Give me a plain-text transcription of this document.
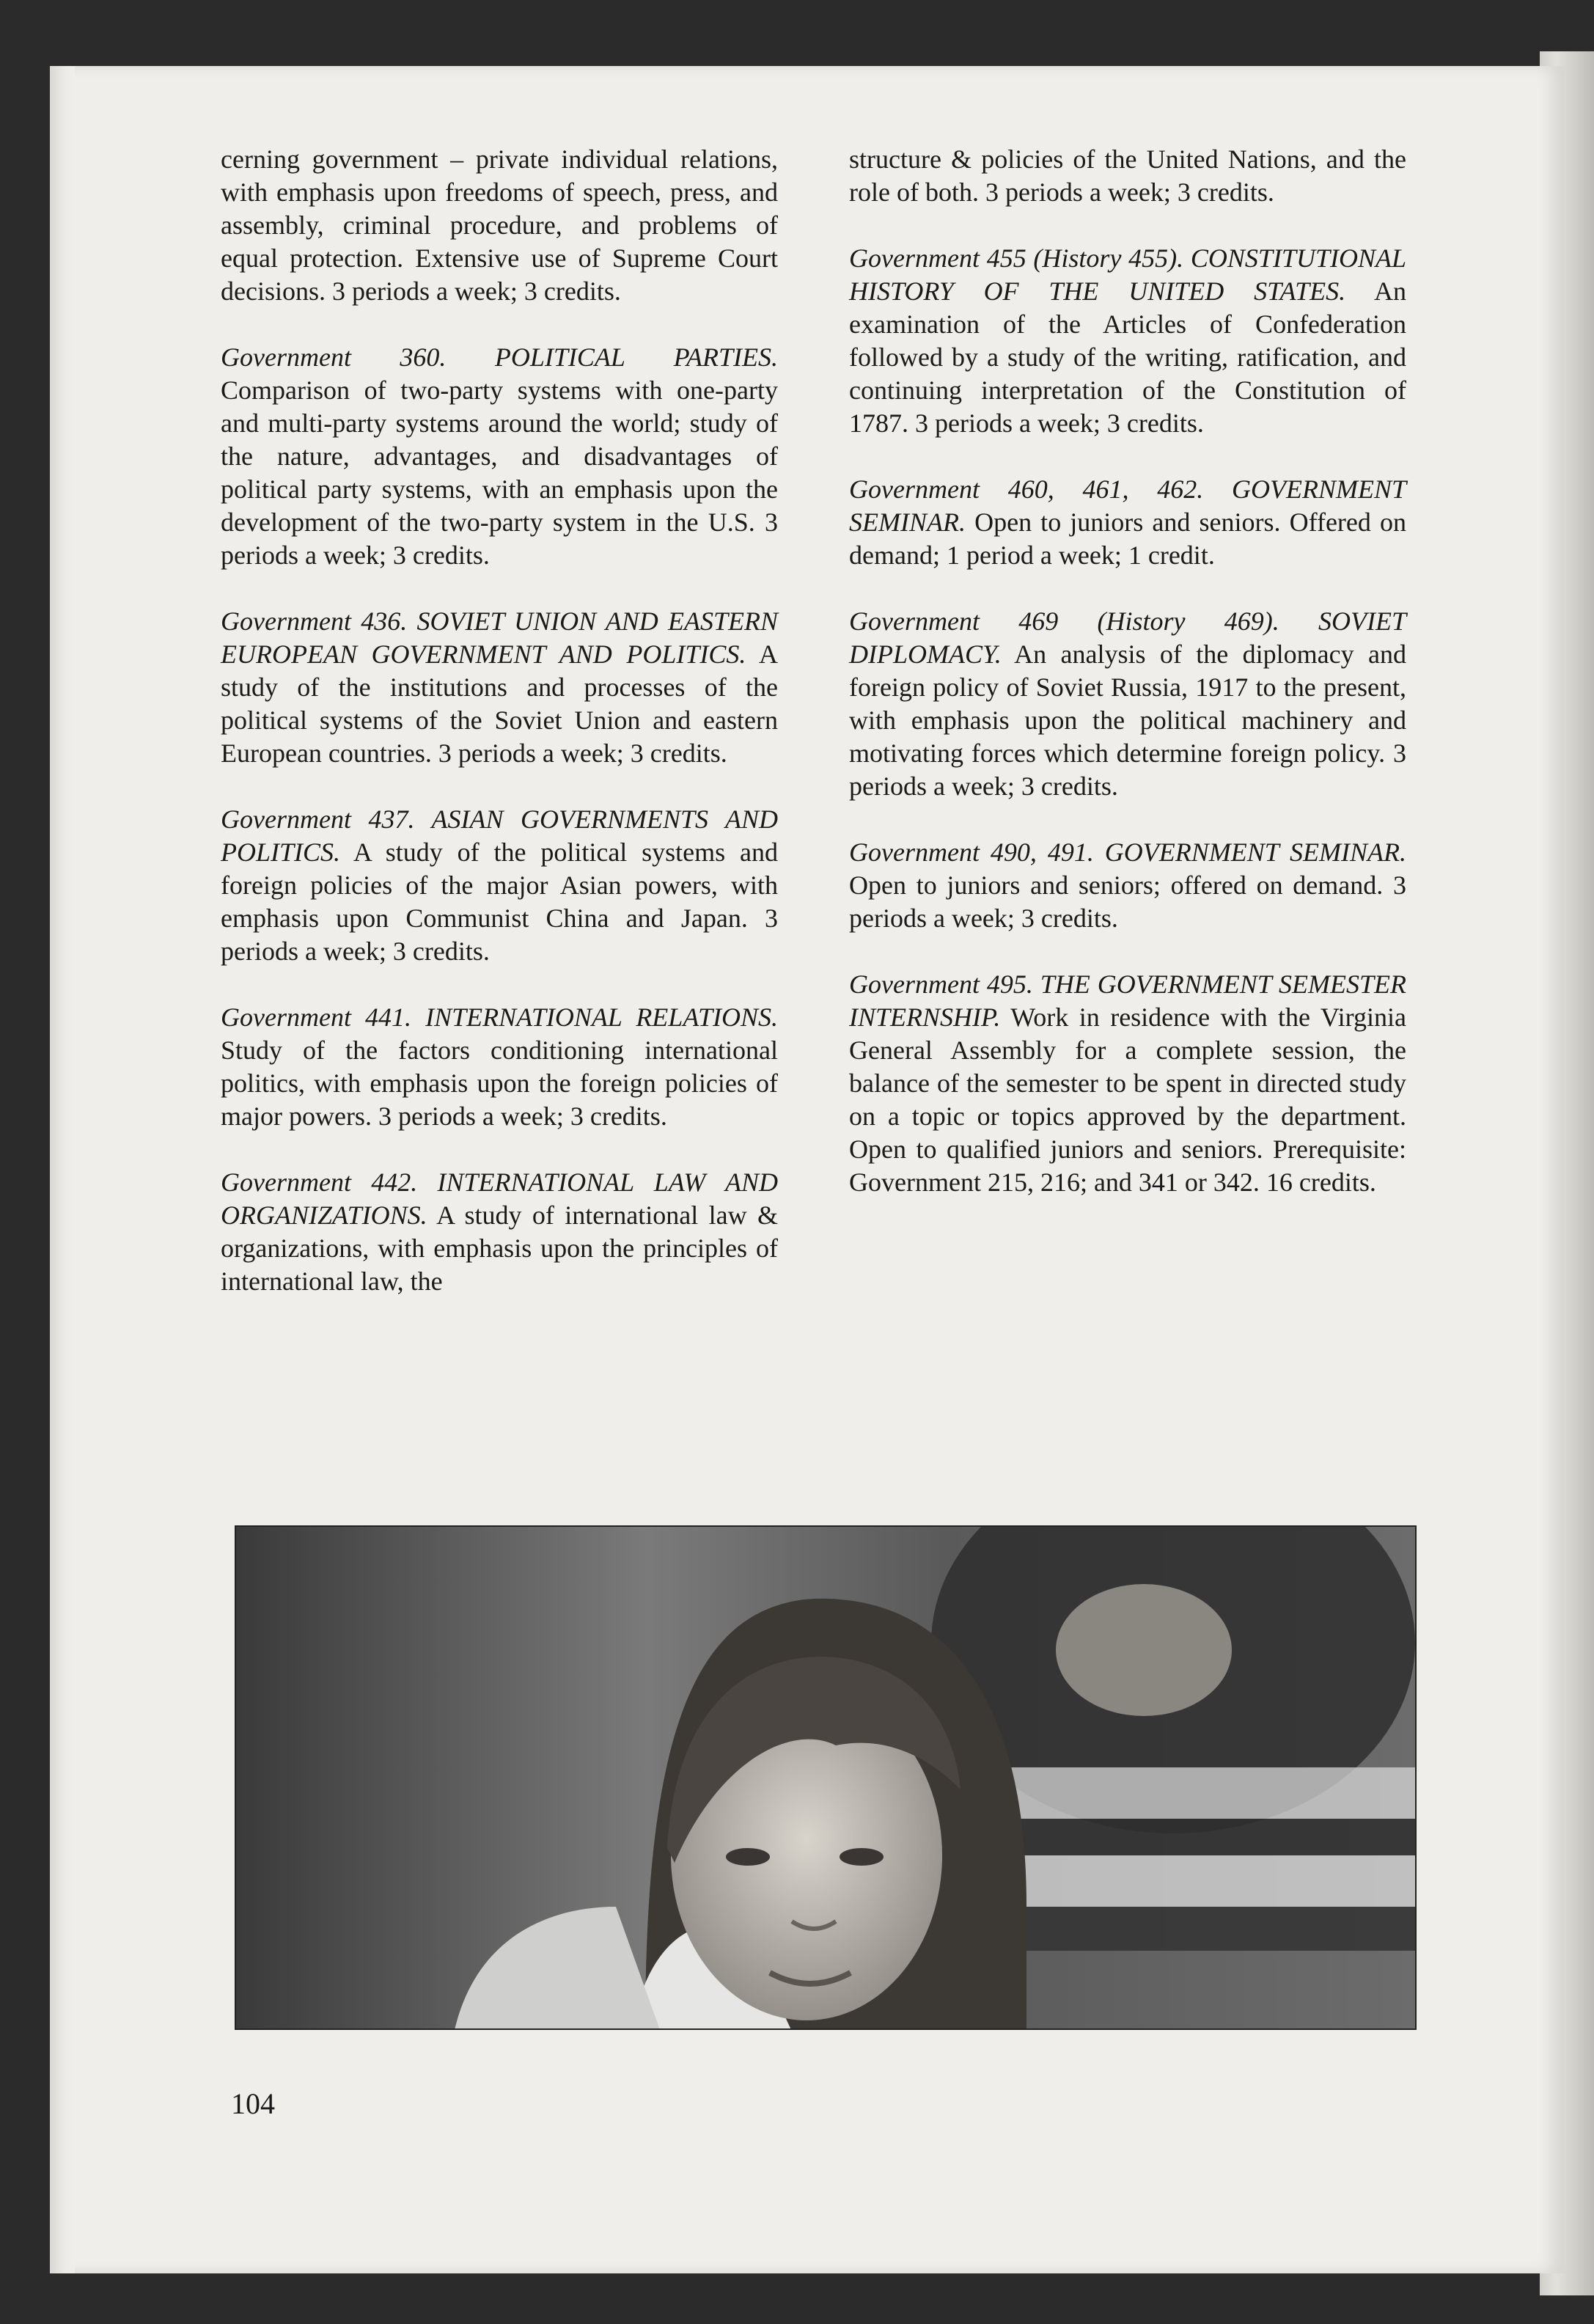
cerning government – private individual relations, with emphasis upon freedoms of speech, press, and assembly, criminal procedure, and problems of equal protection. Extensive use of Supreme Court decisions. 3 periods a week; 3 credits.

Government 360. POLITICAL PARTIES. Comparison of two-party systems with one-party and multi-party systems around the world; study of the nature, advantages, and disadvantages of political party systems, with an emphasis upon the development of the two-party system in the U.S. 3 periods a week; 3 credits.

Government 436. SOVIET UNION AND EASTERN EUROPEAN GOVERNMENT AND POLITICS. A study of the institutions and processes of the political systems of the Soviet Union and eastern European countries. 3 periods a week; 3 credits.

Government 437. ASIAN GOVERNMENTS AND POLITICS. A study of the political systems and foreign policies of the major Asian powers, with emphasis upon Communist China and Japan. 3 periods a week; 3 credits.

Government 441. INTERNATIONAL RELATIONS. Study of the factors conditioning international politics, with emphasis upon the foreign policies of major powers. 3 periods a week; 3 credits.

Government 442. INTERNATIONAL LAW AND ORGANIZATIONS. A study of international law & organizations, with emphasis upon the principles of international law, the

structure & policies of the United Nations, and the role of both. 3 periods a week; 3 credits.

Government 455 (History 455). CONSTITUTIONAL HISTORY OF THE UNITED STATES. An examination of the Articles of Confederation followed by a study of the writing, ratification, and continuing interpretation of the Constitution of 1787. 3 periods a week; 3 credits.

Government 460, 461, 462. GOVERNMENT SEMINAR. Open to juniors and seniors. Offered on demand; 1 period a week; 1 credit.

Government 469 (History 469). SOVIET DIPLOMACY. An analysis of the diplomacy and foreign policy of Soviet Russia, 1917 to the present, with emphasis upon the political machinery and motivating forces which determine foreign policy. 3 periods a week; 3 credits.

Government 490, 491. GOVERNMENT SEMINAR. Open to juniors and seniors; offered on demand. 3 periods a week; 3 credits.

Government 495. THE GOVERNMENT SEMESTER INTERNSHIP. Work in residence with the Virginia General Assembly for a complete session, the balance of the semester to be spent in directed study on a topic or topics approved by the department. Open to qualified juniors and seniors. Prerequisite: Government 215, 216; and 341 or 342. 16 credits.

104
